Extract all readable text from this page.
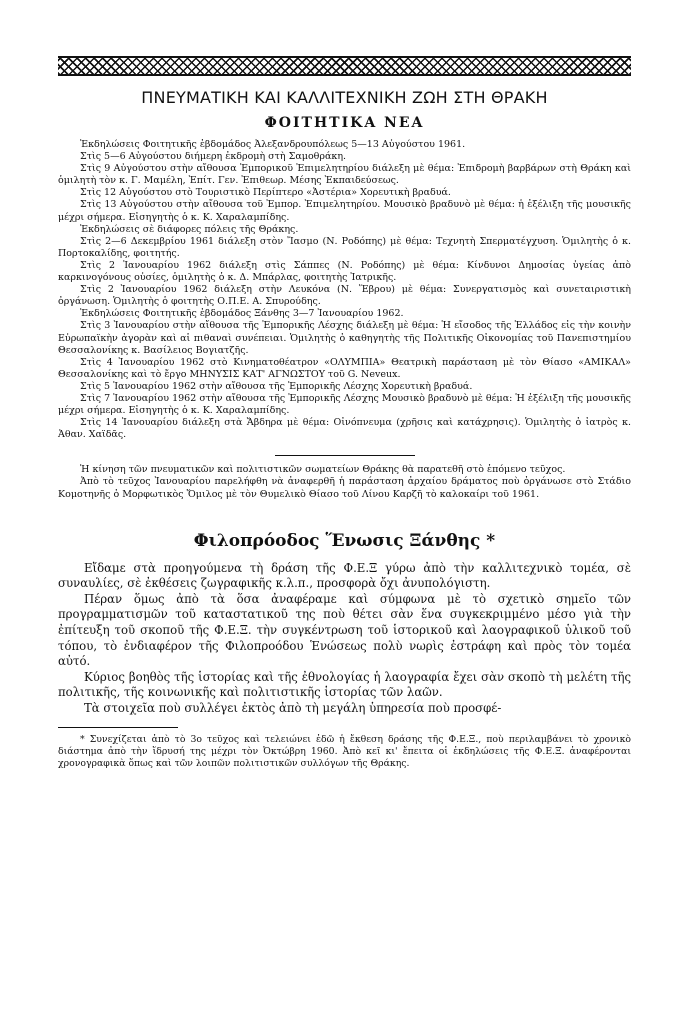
ΠΝΕΥΜΑΤΙΚΗ ΚΑΙ ΚΑΛΛΙΤΕΧΝΙΚΗ ΖΩΗ ΣΤΗ ΘΡΑΚΗ
ΦΟΙΤΗΤΙΚΑ ΝΕΑ

Ἐκδηλώσεις Φοιτητικῆς ἑβδομάδος Ἀλεξανδρουπόλεως 5—13 Αὐγούστου 1961.

Στὶς 5—6 Αὐγούστου διήμερη ἐκδρομὴ στὴ Σαμοθράκη.

Στὶς 9 Αὐγούστου στὴν αἴθουσα Ἐμπορικοῦ Ἐπιμελητηρίου διάλεξη μὲ θέμα: Ἐπιδρομὴ βαρβάρων στὴ Θράκη καὶ ὁμιλητὴ τὸν κ. Γ. Μαμέλη, Ἐπίτ. Γεν. Ἐπιθεωρ. Μέσης Ἐκπαιδεύσεως.

Στὶς 12 Αὐγούστου στὸ Τουριστικὸ Περίπτερο «Ἀστέρια» Χορευτικὴ βραδυά.

Στὶς 13 Αὐγούστου στὴν αἴθουσα τοῦ Ἐμπορ. Ἐπιμελητηρίου. Μουσικὸ βραδυνὸ μὲ θέμα: ἡ ἐξέλιξη τῆς μουσικῆς μέχρι σήμερα. Εἰσηγητὴς ὁ κ. Κ. Χαραλαμπίδης.

Ἐκδηλώσεις σὲ διάφορες πόλεις τῆς Θράκης.

Στὶς 2—6 Δεκεμβρίου 1961 διάλεξη στὸν Ἴασμο (Ν. Ροδόπης) μὲ θέμα: Τεχνητὴ Σπερματέγχυση. Ὁμιλητὴς ὁ κ. Πορτοκαλίδης, φοιτητής.

Στὶς 2 Ἰανουαρίου 1962 διάλεξη στὶς Σάππες (Ν. Ροδόπης) μὲ θέμα: Κίνδυνοι Δημοσίας ὑγείας ἀπὸ καρκινογόνους οὐσίες, ὁμιλητὴς ὁ κ. Δ. Μπάρλας, φοιτητὴς Ἰατρικῆς.

Στὶς 2 Ἰανουαρίου 1962 διάλεξη στὴν Λευκόνα (Ν. Ἕβρου) μὲ θέμα: Συνεργατισμὸς καὶ συνεταιριστικὴ ὀργάνωση. Ὁμιλητὴς ὁ φοιτητὴς Ο.Π.Ε. Α. Σπυρούδης.

Ἐκδηλώσεις Φοιτητικῆς ἑβδομάδος Ξάνθης 3—7 Ἰανουαρίου 1962.

Στὶς 3 Ἰανουαρίου στὴν αἴθουσα τῆς Ἐμπορικῆς Λέσχης διάλεξη μὲ θέμα: Ἡ εἴσοδος τῆς Ἑλλάδος εἰς τὴν κοινὴν Εὐρωπαϊκὴν ἀγορὰν καὶ αἱ πιθαναὶ συνέπειαι. Ὁμιλητὴς ὁ καθηγητὴς τῆς Πολιτικῆς Οἰκονομίας τοῦ Πανεπιστημίου Θεσσαλονίκης κ. Βασίλειος Βογιατζῆς.

Στὶς 4 Ἰανουαρίου 1962 στὸ Κινηματοθέατρον «ΟΛΥΜΠΙΑ» Θεατρικὴ παράσταση μὲ τὸν Θίασο «ΑΜΙΚΑΛ» Θεσσαλονίκης καὶ τὸ ἔργο ΜΗΝΥΣΙΣ ΚΑΤ' ΑΓΝΩΣΤΟΥ τοῦ G. Neveux.

Στὶς 5 Ἰανουαρίου 1962 στὴν αἴθουσα τῆς Ἐμπορικῆς Λέσχης Χορευτικὴ βραδυά.

Στὶς 7 Ἰανουαρίου 1962 στὴν αἴθουσα τῆς Ἐμπορικῆς Λέσχης Μουσικὸ βραδυνὸ μὲ θέμα: Ἡ ἐξέλιξη τῆς μουσικῆς μέχρι σήμερα. Εἰσηγητὴς ὁ κ. Κ. Χαραλαμπίδης.

Στὶς 14 Ἰανουαρίου διάλεξη στὰ Ἄβδηρα μὲ θέμα: Οἰνόπνευμα (χρῆσις καὶ κατάχρησις). Ὁμιλητὴς ὁ ἰατρὸς κ. Ἀθαν. Χαϊδᾶς.

Ἡ κίνηση τῶν πνευματικῶν καὶ πολιτιστικῶν σωματείων Θράκης θὰ παρατεθῆ στὸ ἑπόμενο τεῦχος.

Ἀπὸ τὸ τεῦχος Ἰανουαρίου παρελήφθη νὰ ἀναφερθῆ ἡ παράσταση ἀρχαίου δράματος ποὺ ὀργάνωσε στὸ Στάδιο Κομοτηνῆς ὁ Μορφωτικὸς Ὅμιλος μὲ τὸν Θυμελικὸ Θίασο τοῦ Λίνου Καρζῆ τὸ καλοκαίρι τοῦ 1961.

Φιλοπρόοδος Ἕνωσις Ξάνθης *

Εἴδαμε στὰ προηγούμενα τὴ δράση τῆς Φ.Ε.Ξ γύρω ἀπὸ τὴν καλλιτεχνικὸ τομέα, σὲ συναυλίες, σὲ ἐκθέσεις ζωγραφικῆς κ.λ.π., προσφορὰ ὄχι ἀνυπολόγιστη.

Πέραν ὅμως ἀπὸ τὰ ὅσα ἀναφέραμε καὶ σύμφωνα μὲ τὸ σχετικὸ σημεῖο τῶν προγραμματισμῶν τοῦ καταστατικοῦ της ποὺ θέτει σὰν ἕνα συγκεκριμμένο μέσο γιὰ τὴν ἐπίτευξη τοῦ σκοποῦ τῆς Φ.Ε.Ξ. τὴν συγκέντρωση τοῦ ἱστορικοῦ καὶ λαογραφικοῦ ὑλικοῦ τοῦ τόπου, τὸ ἐνδιαφέρον τῆς Φιλοπροόδου Ἑνώσεως πολὺ νωρὶς ἐστράφη καὶ πρὸς τὸν τομέα αὐτό.

Κύριος βοηθὸς τῆς ἱστορίας καὶ τῆς ἐθνολογίας ἡ λαογραφία ἔχει σὰν σκοπὸ τὴ μελέτη τῆς πολιτικῆς, τῆς κοινωνικῆς καὶ πολιτιστικῆς ἱστορίας τῶν λαῶν.

Τὰ στοιχεῖα ποὺ συλλέγει ἐκτὸς ἀπὸ τὴ μεγάλη ὑπηρεσία ποὺ προσφέ-

* Συνεχίζεται ἀπὸ τὸ 3ο τεῦχος καὶ τελειώνει ἐδῶ ἡ ἔκθεση δράσης τῆς Φ.Ε.Ξ., ποὺ περιλαμβάνει τὸ χρονικὸ διάστημα ἀπὸ τὴν ἵδρυσή της μέχρι τὸν Ὀκτώβρη 1960. Ἀπὸ κεῖ κι' ἔπειτα οἱ ἐκδηλώσεις τῆς Φ.Ε.Ξ. ἀναφέρονται χρονογραφικὰ ὅπως καὶ τῶν λοιπῶν πολιτιστικῶν συλλόγων τῆς Θράκης.
